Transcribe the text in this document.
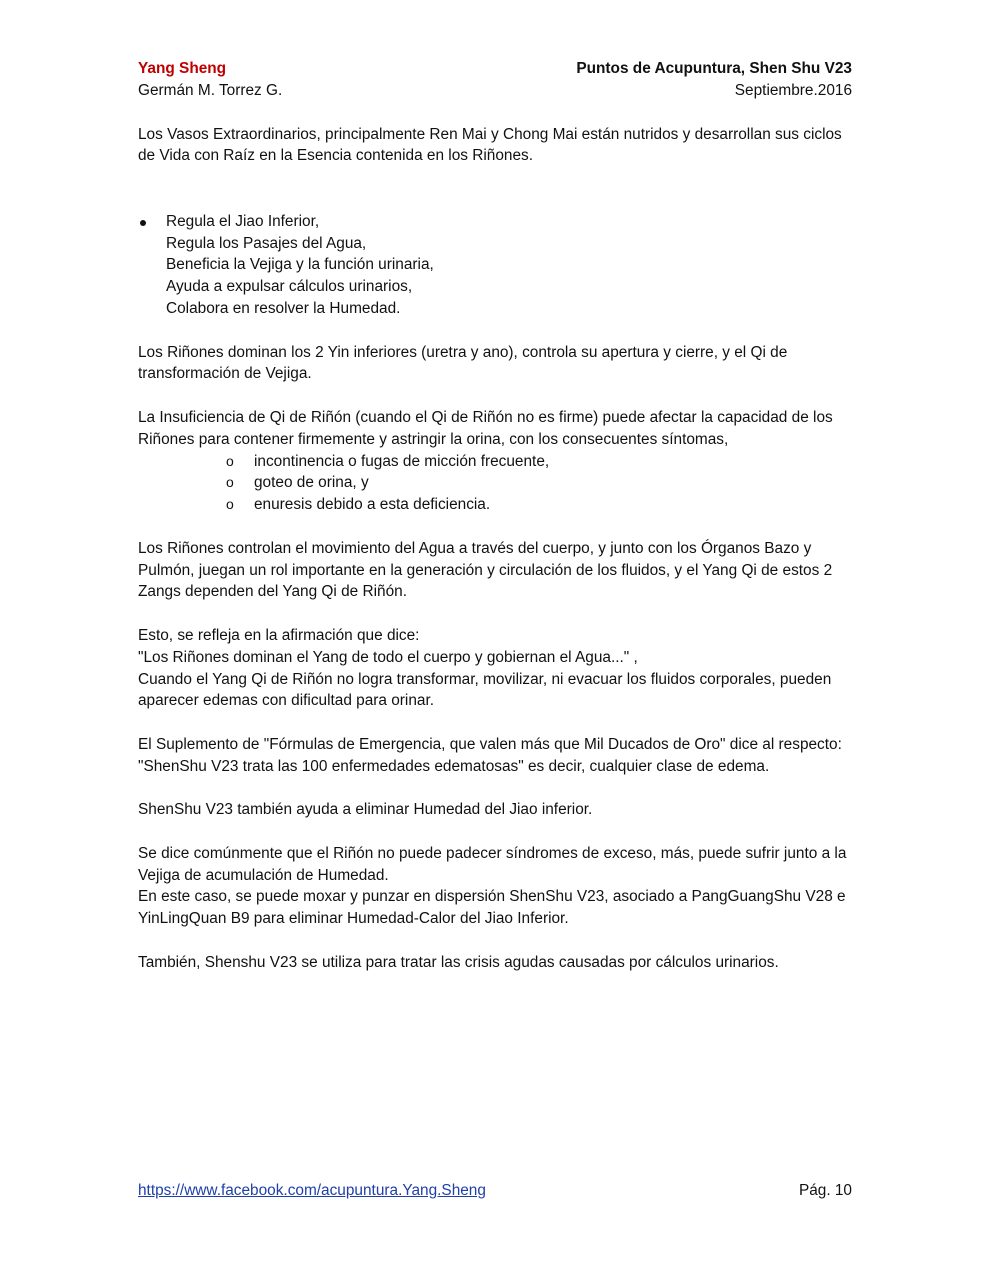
Yang Sheng	Puntos de Acupuntura, Shen Shu V23
Germán M. Torrez G.	Septiembre.2016

Los Vasos Extraordinarios, principalmente Ren Mai y Chong Mai están nutridos y desarrollan sus ciclos de Vida con Raíz en la Esencia contenida en los Riñones.

Regula el Jiao Inferior,
Regula los Pasajes del Agua,
Beneficia la Vejiga y la función urinaria,
Ayuda a expulsar cálculos urinarios,
Colabora en resolver la Humedad.

Los Riñones dominan los 2 Yin inferiores (uretra y ano), controla su apertura y cierre, y el Qi de transformación de Vejiga.

La Insuficiencia de Qi de Riñón (cuando el Qi de Riñón no es firme) puede afectar la capacidad de los Riñones para contener firmemente y astringir la orina, con los consecuentes síntomas,

o incontinencia o fugas de micción frecuente,
o goteo de orina, y
o enuresis debido a esta deficiencia.

Los Riñones controlan el movimiento del Agua a través del cuerpo, y junto con los Órganos Bazo y Pulmón, juegan un rol importante en la generación y circulación de los fluidos, y el Yang Qi de estos 2 Zangs dependen del Yang Qi de Riñón.

Esto, se refleja en la afirmación que dice:
"Los Riñones dominan el Yang de todo el cuerpo y gobiernan el Agua..." ,
Cuando el Yang Qi de Riñón no logra transformar, movilizar, ni evacuar los fluidos corporales, pueden aparecer edemas con dificultad para orinar.
El Suplemento de "Fórmulas de Emergencia, que valen más que Mil Ducados de Oro" dice al respecto:
"ShenShu V23 trata las 100 enfermedades edematosas" es decir, cualquier clase de edema.

ShenShu V23 también ayuda a eliminar Humedad del Jiao inferior.

Se dice comúnmente que el Riñón no puede padecer síndromes de exceso, más, puede sufrir junto a la Vejiga de acumulación de Humedad.
En este caso, se puede moxar y punzar en dispersión ShenShu V23, asociado a PangGuangShu V28 e YinLingQuan B9 para eliminar Humedad-Calor del Jiao Inferior.

También, Shenshu V23 se utiliza para tratar las crisis agudas causadas por cálculos urinarios.

https://www.facebook.com/acupuntura.Yang.Sheng	Pág. 10
